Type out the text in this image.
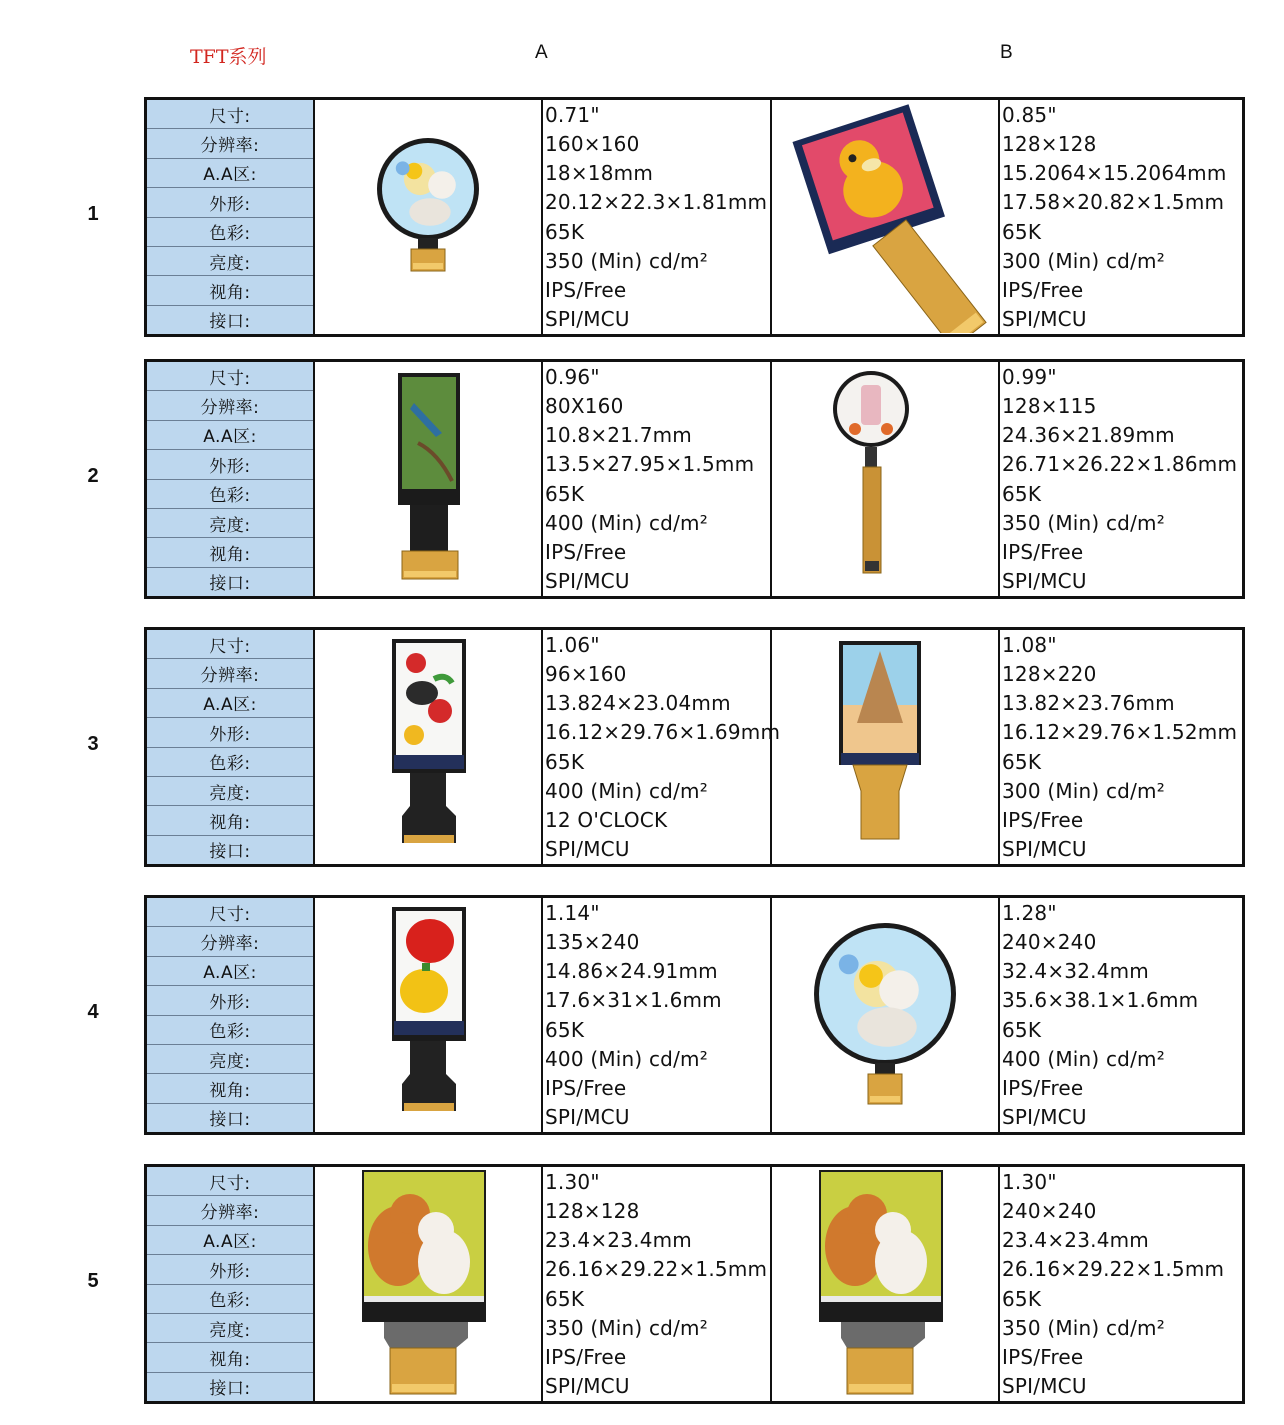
TFT系列	A	B
1
尺寸:
分辨率:
A.A区:
外形:
色彩:
亮度:
视角:
接口:
0.71"
160×160
18×18mm
20.12×22.3×1.81mm
65K
350 (Min) cd/m²
IPS/Free
SPI/MCU
0.85"
128×128
15.2064×15.2064mm
17.58×20.82×1.5mm
65K
300 (Min) cd/m²
IPS/Free
SPI/MCU
2
尺寸:
分辨率:
A.A区:
外形:
色彩:
亮度:
视角:
接口:
0.96"
80X160
10.8×21.7mm
13.5×27.95×1.5mm
65K
400 (Min) cd/m²
IPS/Free
SPI/MCU
0.99"
128×115
24.36×21.89mm
26.71×26.22×1.86mm
65K
350 (Min) cd/m²
IPS/Free
SPI/MCU
3
尺寸:
分辨率:
A.A区:
外形:
色彩:
亮度:
视角:
接口:
1.06"
96×160
13.824×23.04mm
16.12×29.76×1.69mm
65K
400 (Min) cd/m²
12 O'CLOCK
SPI/MCU
1.08"
128×220
13.82×23.76mm
16.12×29.76×1.52mm
65K
300 (Min) cd/m²
IPS/Free
SPI/MCU
4
尺寸:
分辨率:
A.A区:
外形:
色彩:
亮度:
视角:
接口:
1.14"
135×240
14.86×24.91mm
17.6×31×1.6mm
65K
400 (Min) cd/m²
IPS/Free
SPI/MCU
1.28"
240×240
32.4×32.4mm
35.6×38.1×1.6mm
65K
400 (Min) cd/m²
IPS/Free
SPI/MCU
5
尺寸:
分辨率:
A.A区:
外形:
色彩:
亮度:
视角:
接口:
1.30"
128×128
23.4×23.4mm
26.16×29.22×1.5mm
65K
350 (Min) cd/m²
IPS/Free
SPI/MCU
1.30"
240×240
23.4×23.4mm
26.16×29.22×1.5mm
65K
350 (Min) cd/m²
IPS/Free
SPI/MCU
